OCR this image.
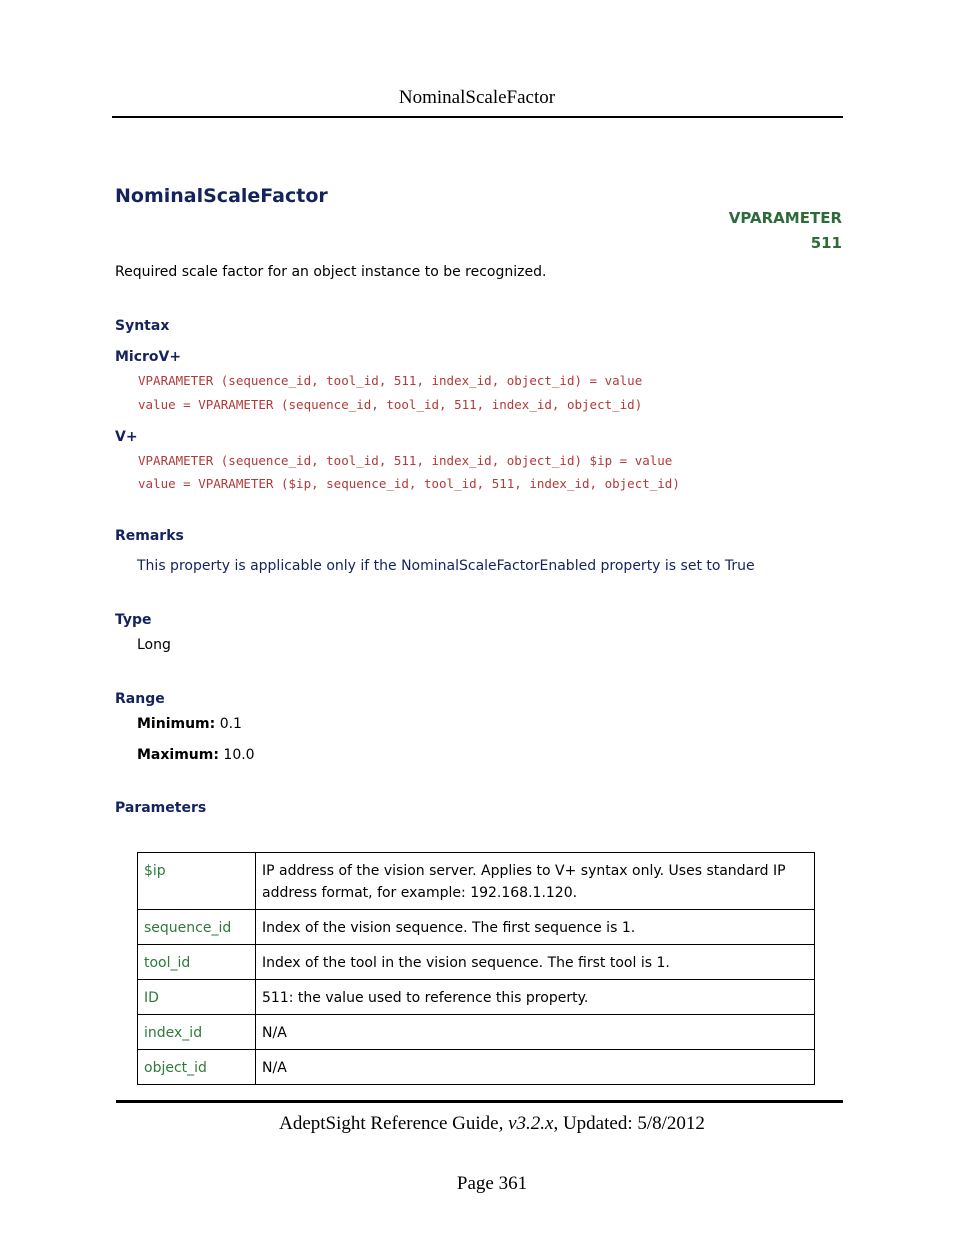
NominalScaleFactor
NominalScaleFactor
VPARAMETER
511
Required scale factor for an object instance to be recognized.
Syntax
MicroV+
VPARAMETER (sequence_id, tool_id, 511, index_id, object_id) = value
value = VPARAMETER (sequence_id, tool_id, 511, index_id, object_id)
V+
VPARAMETER (sequence_id, tool_id, 511, index_id, object_id) $ip = value
value = VPARAMETER ($ip, sequence_id, tool_id, 511, index_id, object_id)
Remarks
This property is applicable only if the NominalScaleFactorEnabled property is set to True
Type
Long
Range
Minimum: 0.1
Maximum: 10.0
Parameters
$ip	IP address of the vision server. Applies to V+ syntax only. Uses standard IP address format, for example: 192.168.1.120.
sequence_id	Index of the vision sequence. The first sequence is 1.
tool_id	Index of the tool in the vision sequence. The first tool is 1.
ID	511: the value used to reference this property.
index_id	N/A
object_id	N/A
AdeptSight Reference Guide, v3.2.x, Updated: 5/8/2012
Page 361
